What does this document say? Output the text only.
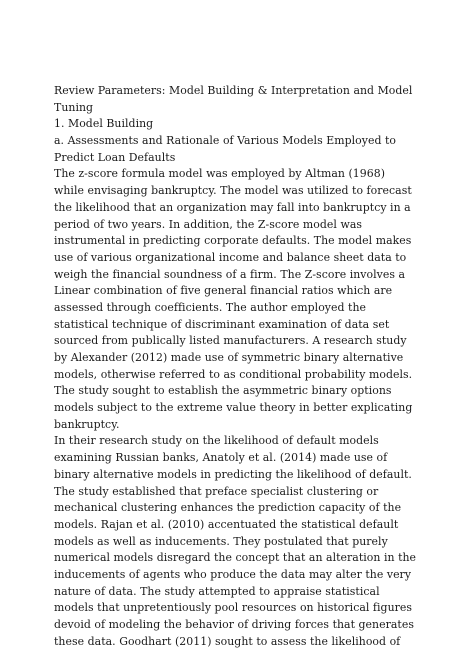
Review Parameters: Model Building & Interpretation and Model
Tuning
1. Model Building
a. Assessments and Rationale of Various Models Employed to
Predict Loan Defaults
The z-score formula model was employed by Altman (1968)
while envisaging bankruptcy. The model was utilized to forecast
the likelihood that an organization may fall into bankruptcy in a
period of two years. In addition, the Z-score model was
instrumental in predicting corporate defaults. The model makes
use of various organizational income and balance sheet data to
weigh the financial soundness of a firm. The Z-score involves a
Linear combination of five general financial ratios which are
assessed through coefficients. The author employed the
statistical technique of discriminant examination of data set
sourced from publically listed manufacturers. A research study
by Alexander (2012) made use of symmetric binary alternative
models, otherwise referred to as conditional probability models.
The study sought to establish the asymmetric binary options
models subject to the extreme value theory in better explicating
bankruptcy.
In their research study on the likelihood of default models
examining Russian banks, Anatoly et al. (2014) made use of
binary alternative models in predicting the likelihood of default.
The study established that preface specialist clustering or
mechanical clustering enhances the prediction capacity of the
models. Rajan et al. (2010) accentuated the statistical default
models as well as inducements. They postulated that purely
numerical models disregard the concept that an alteration in the
inducements of agents who produce the data may alter the very
nature of data. The study attempted to appraise statistical
models that unpretentiously pool resources on historical figures
devoid of modeling the behavior of driving forces that generates
these data. Goodhart (2011) sought to assess the likelihood of
